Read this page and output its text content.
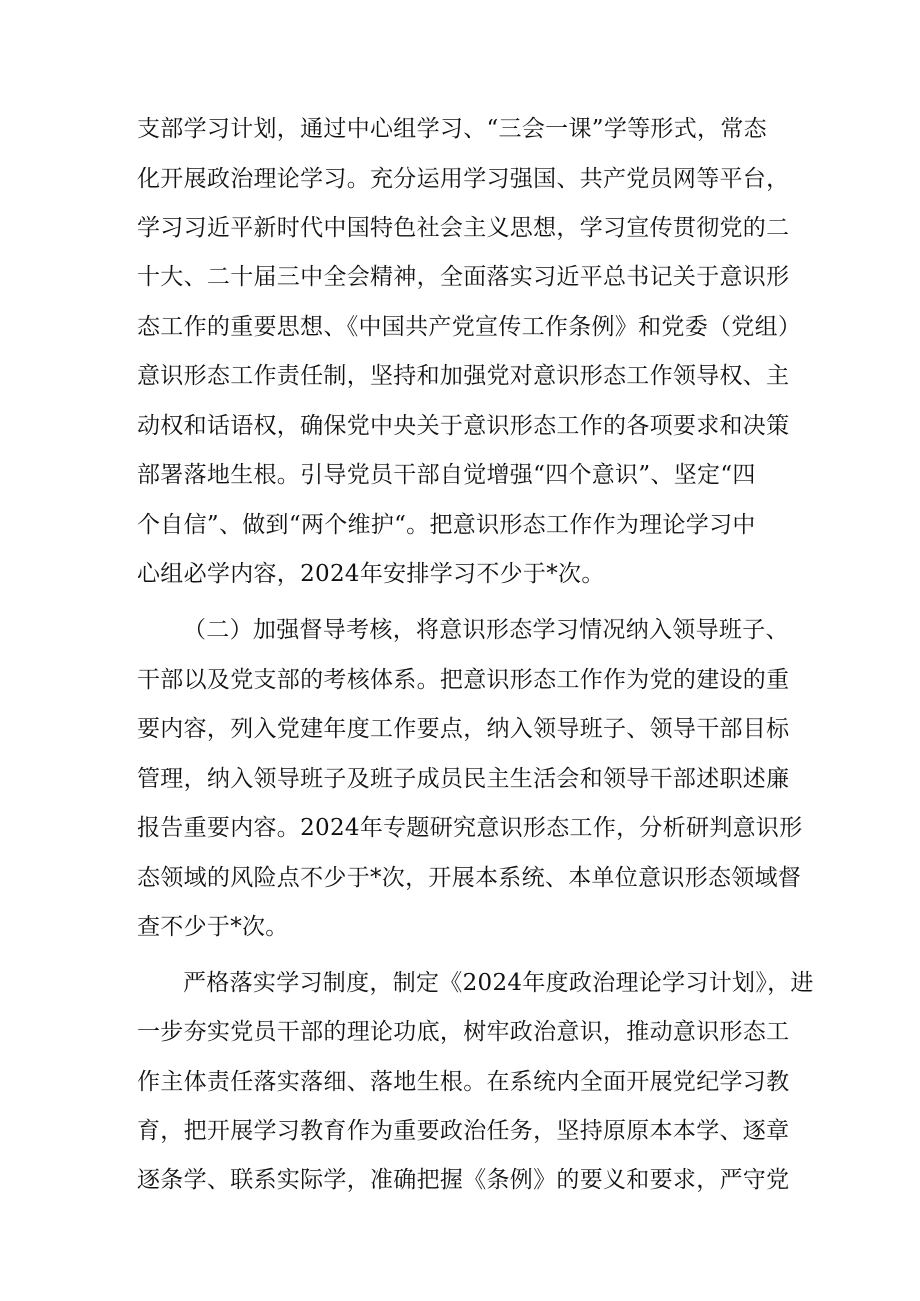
支部学习计划，通过中心组学习、“三会一课”学等形式，常态
化开展政治理论学习。充分运用学习强国、共产党员网等平台，
学习习近平新时代中国特色社会主义思想，学习宣传贯彻党的二
十大、二十届三中全会精神，全面落实习近平总书记关于意识形
态工作的重要思想、《中国共产党宣传工作条例》和党委（党组）
意识形态工作责任制，坚持和加强党对意识形态工作领导权、主
动权和话语权，确保党中央关于意识形态工作的各项要求和决策
部署落地生根。引导党员干部自觉增强“四个意识”、坚定“四
个自信”、做到“两个维护“。把意识形态工作作为理论学习中
心组必学内容，2024年安排学习不少于*次。
（二）加强督导考核，将意识形态学习情况纳入领导班子、
干部以及党支部的考核体系。把意识形态工作作为党的建设的重
要内容，列入党建年度工作要点，纳入领导班子、领导干部目标
管理，纳入领导班子及班子成员民主生活会和领导干部述职述廉
报告重要内容。2024年专题研究意识形态工作，分析研判意识形
态领域的风险点不少于*次，开展本系统、本单位意识形态领域督
查不少于*次。
严格落实学习制度，制定《2024年度政治理论学习计划》，进
一步夯实党员干部的理论功底，树牢政治意识，推动意识形态工
作主体责任落实落细、落地生根。在系统内全面开展党纪学习教
育，把开展学习教育作为重要政治任务，坚持原原本本学、逐章
逐条学、联系实际学，准确把握《条例》的要义和要求，严守党
